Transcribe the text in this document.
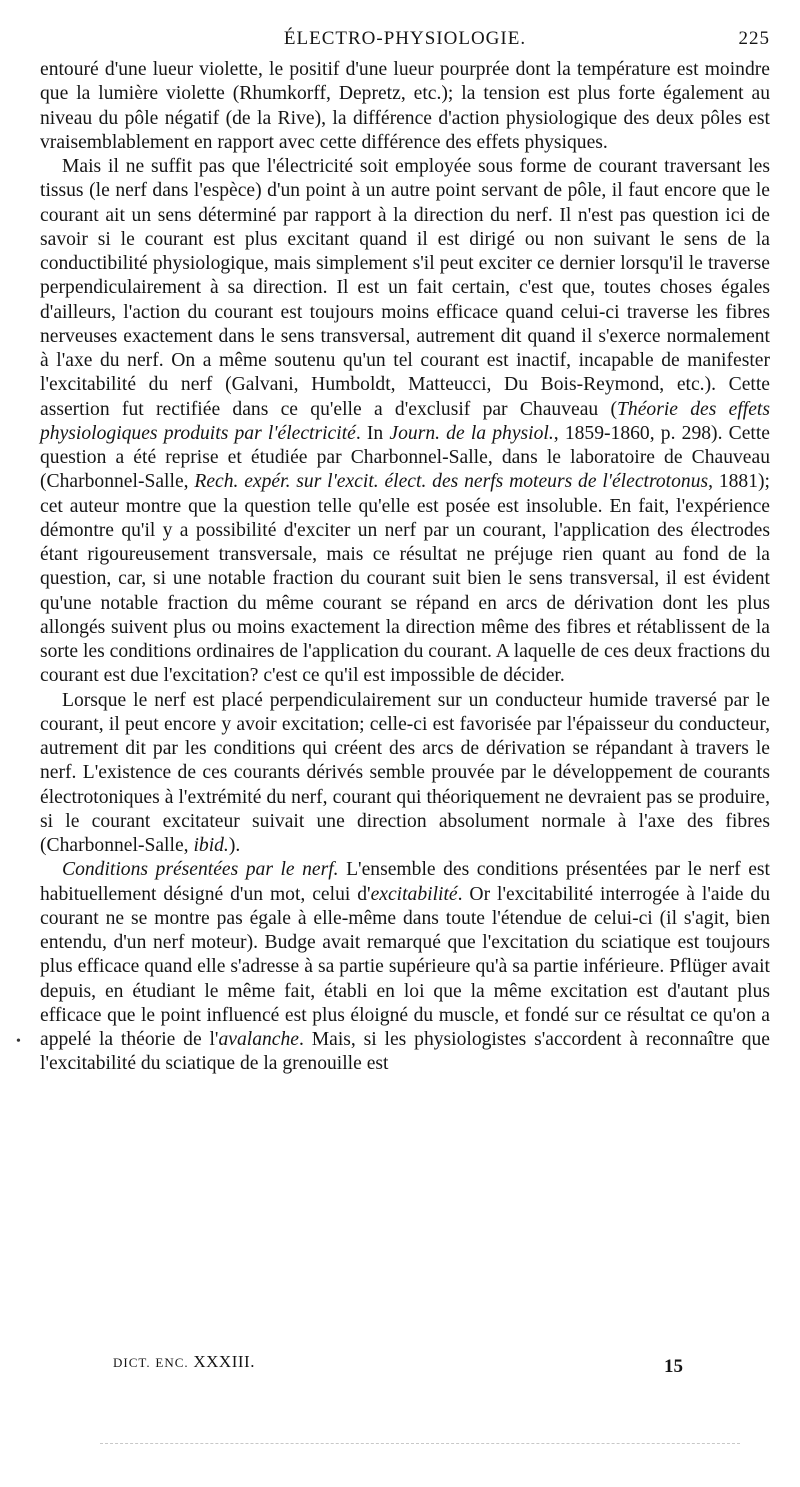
ÉLECTRO-PHYSIOLOGIE.	225

entouré d'une lueur violette, le positif d'une lueur pourprée dont la température est moindre que la lumière violette (Rhumkorff, Depretz, etc.); la tension est plus forte également au niveau du pôle négatif (de la Rive), la différence d'action physiologique des deux pôles est vraisemblablement en rapport avec cette différence des effets physiques.

Mais il ne suffit pas que l'électricité soit employée sous forme de courant traversant les tissus (le nerf dans l'espèce) d'un point à un autre point servant de pôle, il faut encore que le courant ait un sens déterminé par rapport à la direction du nerf. Il n'est pas question ici de savoir si le courant est plus excitant quand il est dirigé ou non suivant le sens de la conductibilité physiologique, mais simplement s'il peut exciter ce dernier lorsqu'il le traverse perpendiculairement à sa direction. Il est un fait certain, c'est que, toutes choses égales d'ailleurs, l'action du courant est toujours moins efficace quand celui-ci traverse les fibres nerveuses exactement dans le sens transversal, autrement dit quand il s'exerce normalement à l'axe du nerf. On a même soutenu qu'un tel courant est inactif, incapable de manifester l'excitabilité du nerf (Galvani, Humboldt, Matteucci, Du Bois-Reymond, etc.). Cette assertion fut rectifiée dans ce qu'elle a d'exclusif par Chauveau (Théorie des effets physiologiques produits par l'électricité. In Journ. de la physiol., 1859-1860, p. 298). Cette question a été reprise et étudiée par Charbonnel-Salle, dans le laboratoire de Chauveau (Charbonnel-Salle, Rech. expér. sur l'excit. élect. des nerfs moteurs de l'électrotonus, 1881); cet auteur montre que la question telle qu'elle est posée est insoluble. En fait, l'expérience démontre qu'il y a possibilité d'exciter un nerf par un courant, l'application des électrodes étant rigoureusement transversale, mais ce résultat ne préjuge rien quant au fond de la question, car, si une notable fraction du courant suit bien le sens transversal, il est évident qu'une notable fraction du même courant se répand en arcs de dérivation dont les plus allongés suivent plus ou moins exactement la direction même des fibres et rétablissent de la sorte les conditions ordinaires de l'application du courant. A laquelle de ces deux fractions du courant est due l'excitation? c'est ce qu'il est impossible de décider.

Lorsque le nerf est placé perpendiculairement sur un conducteur humide traversé par le courant, il peut encore y avoir excitation; celle-ci est favorisée par l'épaisseur du conducteur, autrement dit par les conditions qui créent des arcs de dérivation se répandant à travers le nerf. L'existence de ces courants dérivés semble prouvée par le développement de courants électrotoniques à l'extrémité du nerf, courant qui théoriquement ne devraient pas se produire, si le courant excitateur suivait une direction absolument normale à l'axe des fibres (Charbonnel-Salle, ibid.).

Conditions présentées par le nerf. L'ensemble des conditions présentées par le nerf est habituellement désigné d'un mot, celui d'excitabilité. Or l'excitabilité interrogée à l'aide du courant ne se montre pas égale à elle-même dans toute l'étendue de celui-ci (il s'agit, bien entendu, d'un nerf moteur). Budge avait remarqué que l'excitation du sciatique est toujours plus efficace quand elle s'adresse à sa partie supérieure qu'à sa partie inférieure. Pflüger avait depuis, en étudiant le même fait, établi en loi que la même excitation est d'autant plus efficace que le point influencé est plus éloigné du muscle, et fondé sur ce résultat ce qu'on a appelé la théorie de l'avalanche. Mais, si les physiologistes s'accordent à reconnaître que l'excitabilité du sciatique de la grenouille est

•
DICT. ENC. XXXIII.	15
